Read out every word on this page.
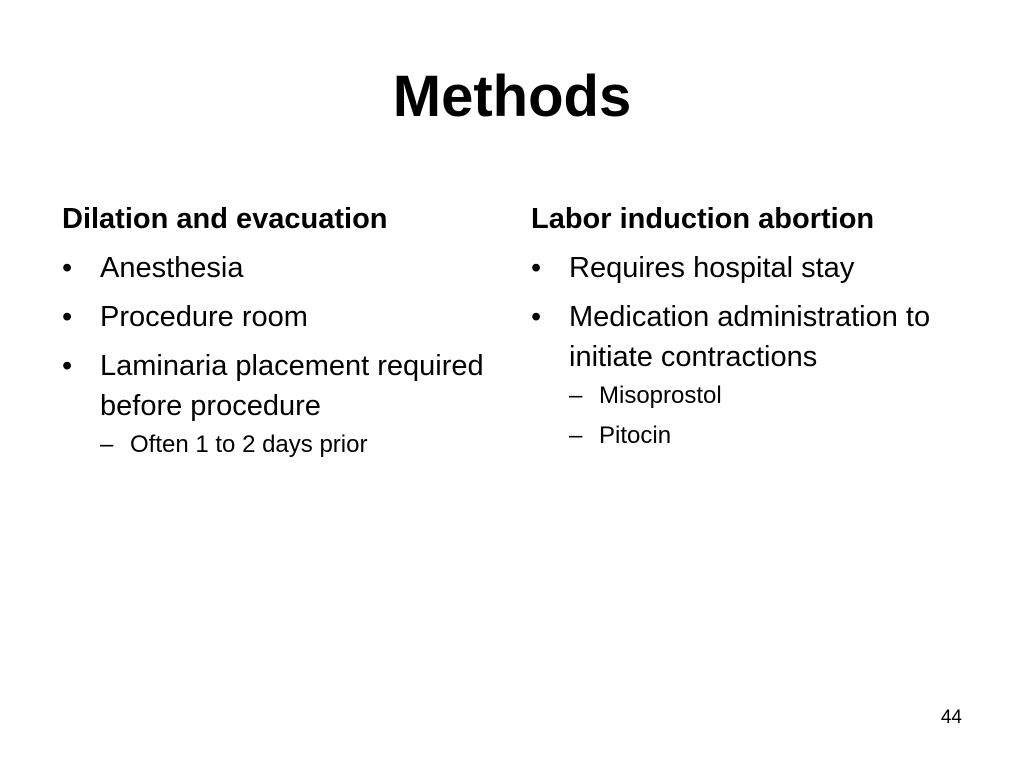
Methods
Dilation and evacuation
• Anesthesia
• Procedure room
• Laminaria placement required before procedure
– Often 1 to 2 days prior
Labor induction abortion
• Requires hospital stay
• Medication administration to initiate contractions
– Misoprostol
– Pitocin
44
